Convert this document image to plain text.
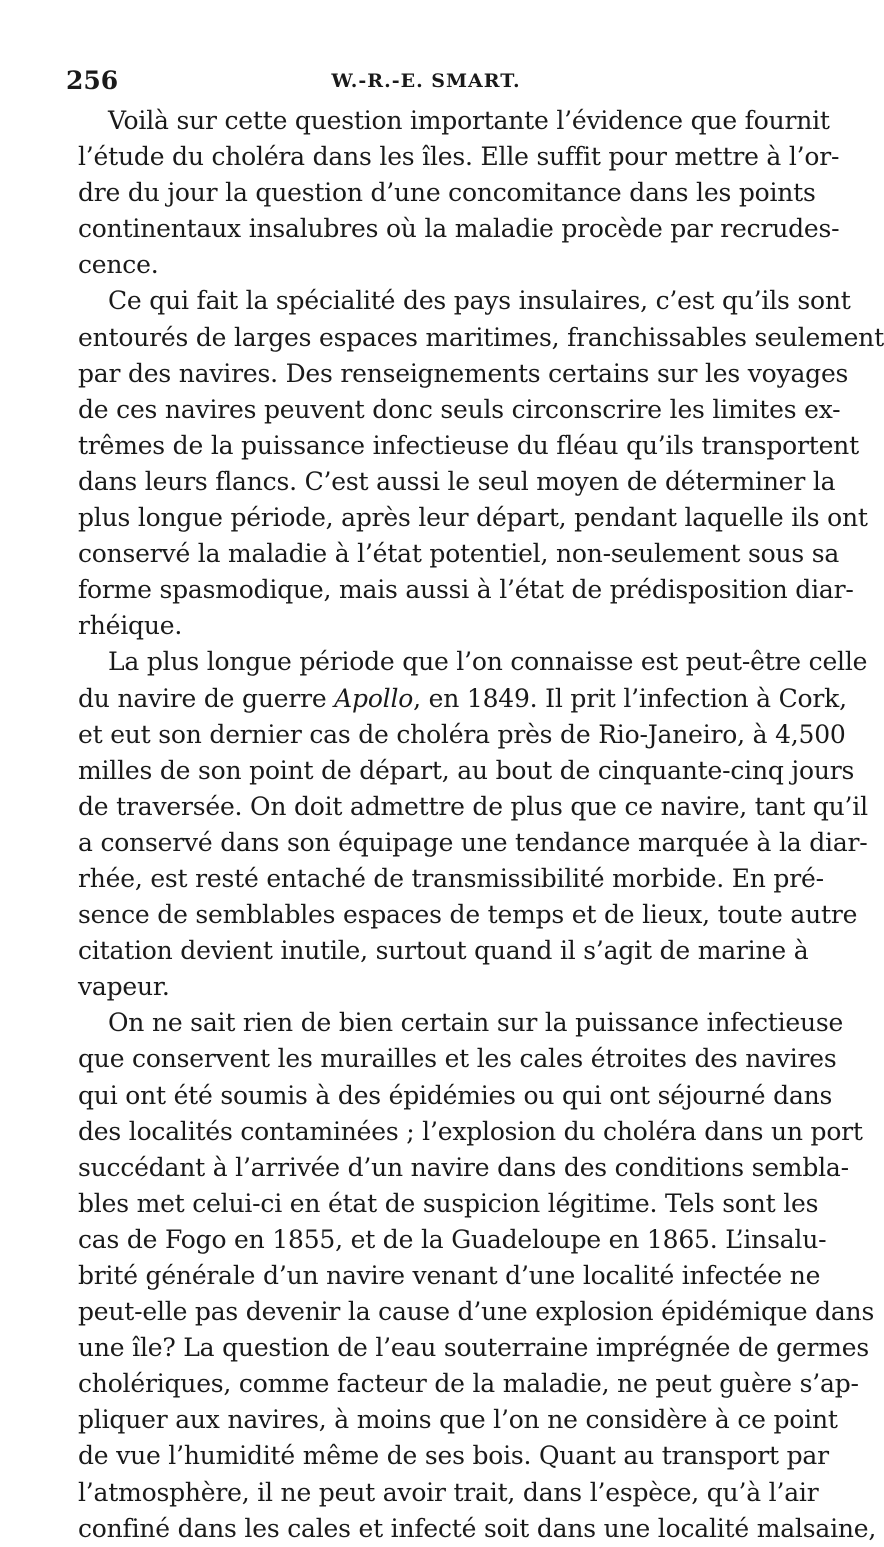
256	W.-R.-E. SMART.
Voilà sur cette question importante l’évidence que fournit
l’étude du choléra dans les îles. Elle suffit pour mettre à l’or-
dre du jour la question d’une concomitance dans les points
continentaux insalubres où la maladie procède par recrudes-
cence.
Ce qui fait la spécialité des pays insulaires, c’est qu’ils sont
entourés de larges espaces maritimes, franchissables seulement
par des navires. Des renseignements certains sur les voyages
de ces navires peuvent donc seuls circonscrire les limites ex-
trêmes de la puissance infectieuse du fléau qu’ils transportent
dans leurs flancs. C’est aussi le seul moyen de déterminer la
plus longue période, après leur départ, pendant laquelle ils ont
conservé la maladie à l’état potentiel, non-seulement sous sa
forme spasmodique, mais aussi à l’état de prédisposition diar-
rhéique.
La plus longue période que l’on connaisse est peut-être celle
du navire de guerre Apollo, en 1849. Il prit l’infection à Cork,
et eut son dernier cas de choléra près de Rio-Janeiro, à 4,500
milles de son point de départ, au bout de cinquante-cinq jours
de traversée. On doit admettre de plus que ce navire, tant qu’il
a conservé dans son équipage une tendance marquée à la diar-
rhée, est resté entaché de transmissibilité morbide. En pré-
sence de semblables espaces de temps et de lieux, toute autre
citation devient inutile, surtout quand il s’agit de marine à
vapeur.
On ne sait rien de bien certain sur la puissance infectieuse
que conservent les murailles et les cales étroites des navires
qui ont été soumis à des épidémies ou qui ont séjourné dans
des localités contaminées ; l’explosion du choléra dans un port
succédant à l’arrivée d’un navire dans des conditions sembla-
bles met celui-ci en état de suspicion légitime. Tels sont les
cas de Fogo en 1855, et de la Guadeloupe en 1865. L’insalu-
brité générale d’un navire venant d’une localité infectée ne
peut-elle pas devenir la cause d’une explosion épidémique dans
une île? La question de l’eau souterraine imprégnée de germes
cholériques, comme facteur de la maladie, ne peut guère s’ap-
pliquer aux navires, à moins que l’on ne considère à ce point
de vue l’humidité même de ses bois. Quant au transport par
l’atmosphère, il ne peut avoir trait, dans l’espèce, qu’à l’air
confiné dans les cales et infecté soit dans une localité malsaine,
